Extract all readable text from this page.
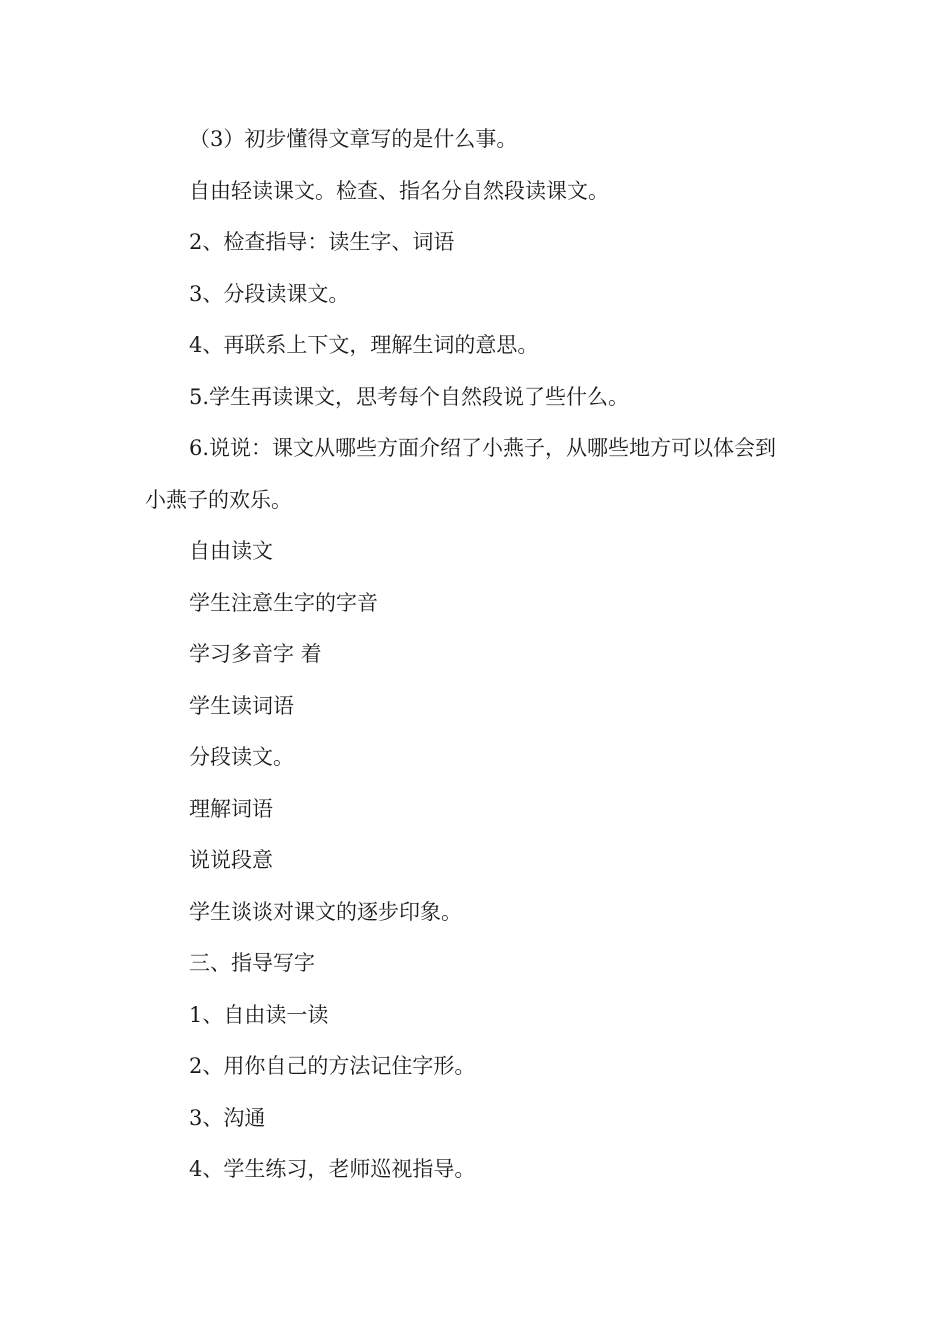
（3）初步懂得文章写的是什么事。

自由轻读课文。检查、指名分自然段读课文。

2、检查指导：读生字、词语

3、分段读课文。

4、再联系上下文，理解生词的意思。

5.学生再读课文，思考每个自然段说了些什么。

6.说说：课文从哪些方面介绍了小燕子，从哪些地方可以体会到小燕子的欢乐。

自由读文

学生注意生字的字音

学习多音字 着

学生读词语

分段读文。

理解词语

说说段意

学生谈谈对课文的逐步印象。

三、指导写字

1、自由读一读

2、用你自己的方法记住字形。

3、沟通

4、学生练习，老师巡视指导。
